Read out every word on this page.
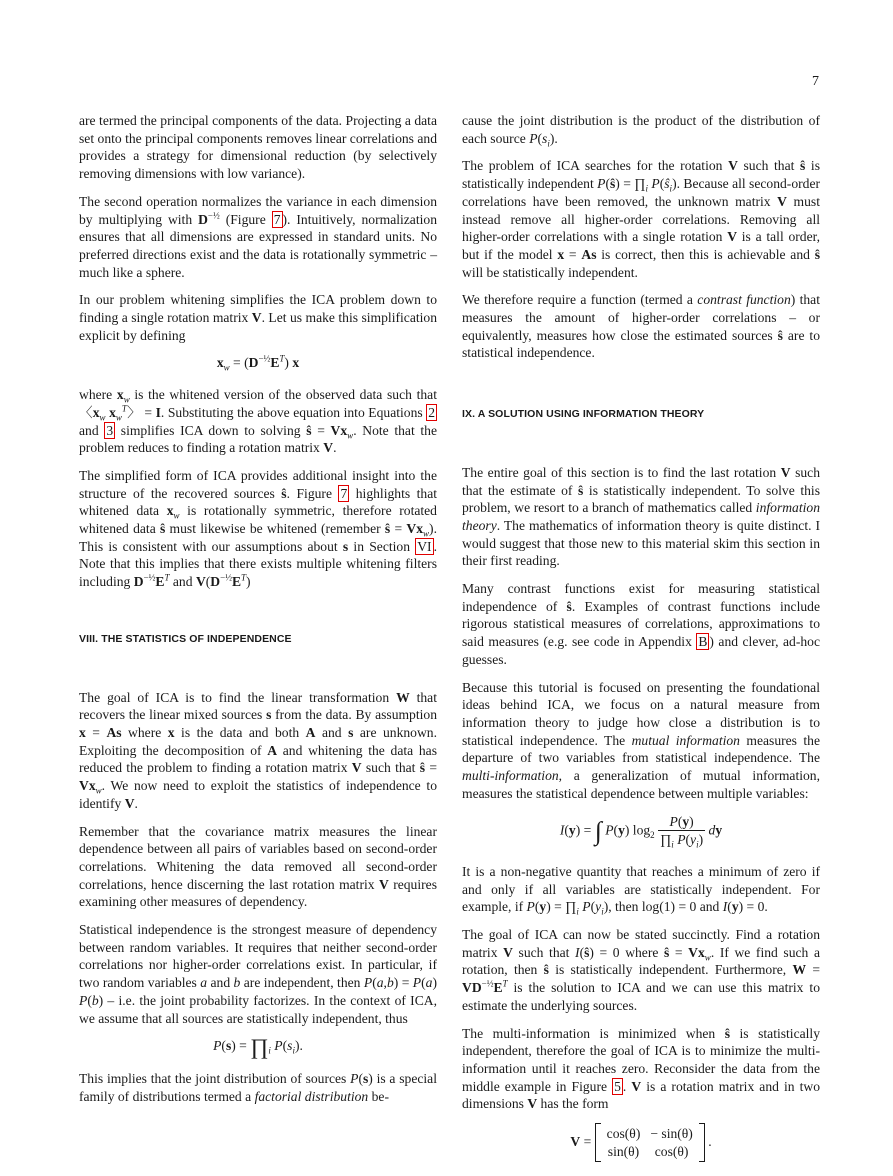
7

are termed the principal components of the data. Projecting a data set onto the principal components removes linear correlations and provides a strategy for dimensional reduction (by selectively removing dimensions with low variance).

The second operation normalizes the variance in each dimension by multiplying with $D^{-\frac{1}{2}}$ (Figure 7 ). Intuitively, normalization ensures that all dimensions are expressed in standard units. No preferred directions exist and the data is rotationally symmetric – much like a sphere.

In our problem whitening simplifies the ICA problem down to finding a single rotation matrix V. Let us make this simplification explicit by defining

$x_w = (D^{-\frac{1}{2}}E^T)$ x

where $x_w$ is the whitened version of the observed data such that 〈$x_w$ $x_w^T$〉 = I. Substituting the above equation into Equations 2 and 3 simplifies ICA down to solving ŝ = $Vx_w$. Note that the problem reduces to finding a rotation matrix V.

The simplified form of ICA provides additional insight into the structure of the recovered sources ŝ. Figure 7 highlights that whitened data $x_w$ is rotationally symmetric, therefore rotated whitened data ŝ must likewise be whitened (remember ŝ = $Vx_w$). This is consistent with our assumptions about s in Section VI . Note that this implies that there exists multiple whitening filters including $D^{-\frac{1}{2}}E^T$ and $V(D^{-\frac{1}{2}}E^T)$

VIII. THE STATISTICS OF INDEPENDENCE

The goal of ICA is to find the linear transformation W that recovers the linear mixed sources s from the data. By assumption x = As where x is the data and both A and s are unknown. Exploiting the decomposition of A and whitening the data has reduced the problem to finding a rotation matrix V such that ŝ = $Vx_w$. We now need to exploit the statistics of independence to identify V.

Remember that the covariance matrix measures the linear dependence between all pairs of variables based on second-order correlations. Whitening the data removed all second-order correlations, hence discerning the last rotation matrix V requires examining other measures of dependency.

Statistical independence is the strongest measure of dependency between random variables. It requires that neither second-order correlations nor higher-order correlations exist. In particular, if two random variables a and b are independent, then P(a,b) = P(a) P(b) – i.e. the joint probability factorizes. In the context of ICA, we assume that all sources are statistically independent, thus

$P(s) = \prod_i$ $P(s_i)$.

This implies that the joint distribution of sources P(s) is a special family of distributions termed a factorial distribution be-

cause the joint distribution is the product of the distribution of each source $P(s_i)$.

The problem of ICA searches for the rotation V such that ŝ is statistically independent P(ŝ) = $\prod_i$ $P(ŝ_i)$. Because all second-order correlations have been removed, the unknown matrix V must instead remove all higher-order correlations. Removing all higher-order correlations with a single rotation V is a tall order, but if the model x = As is correct, then this is achievable and ŝ will be statistically independent.

We therefore require a function (termed a contrast function) that measures the amount of higher-order correlations – or equivalently, measures how close the estimated sources ŝ are to statistical independence.

IX. A SOLUTION USING INFORMATION THEORY

The entire goal of this section is to find the last rotation V such that the estimate of ŝ is statistically independent. To solve this problem, we resort to a branch of mathematics called information theory. The mathematics of information theory is quite distinct. I would suggest that those new to this material skim this section in their first reading.

Many contrast functions exist for measuring statistical independence of ŝ. Examples of contrast functions include rigorous statistical measures of correlations, approximations to said measures (e.g. see code in Appendix B ) and clever, ad-hoc guesses.

Because this tutorial is focused on presenting the foundational ideas behind ICA, we focus on a natural measure from information theory to judge how close a distribution is to statistical independence. The mutual information measures the departure of two variables from statistical independence. The multi-information, a generalization of mutual information, measures the statistical dependence between multiple variables:

I(y) = ∫ P(y) $\log_2 \frac{P(y)}{\prod_i P(y_i)}$ dy

It is a non-negative quantity that reaches a minimum of zero if and only if all variables are statistically independent. For example, if $P(y) = \prod_i$ $P(y_i)$, then log(1) = 0 and I(y) = 0.

The goal of ICA can now be stated succinctly. Find a rotation matrix V such that I(ŝ) = 0 where ŝ = $Vx_w$. If we find such a rotation, then ŝ is statistically independent. Furthermore, $W = VD^{-\frac{1}{2}}E^T$ is the solution to ICA and we can use this matrix to estimate the underlying sources.

The multi-information is minimized when ŝ is statistically independent, therefore the goal of ICA is to minimize the multi-information until it reaches zero. Reconsider the data from the middle example in Figure 5 . V is a rotation matrix and in two dimensions V has the form

V =
cos(θ)	− sin(θ)
sin(θ)	cos(θ)
.
